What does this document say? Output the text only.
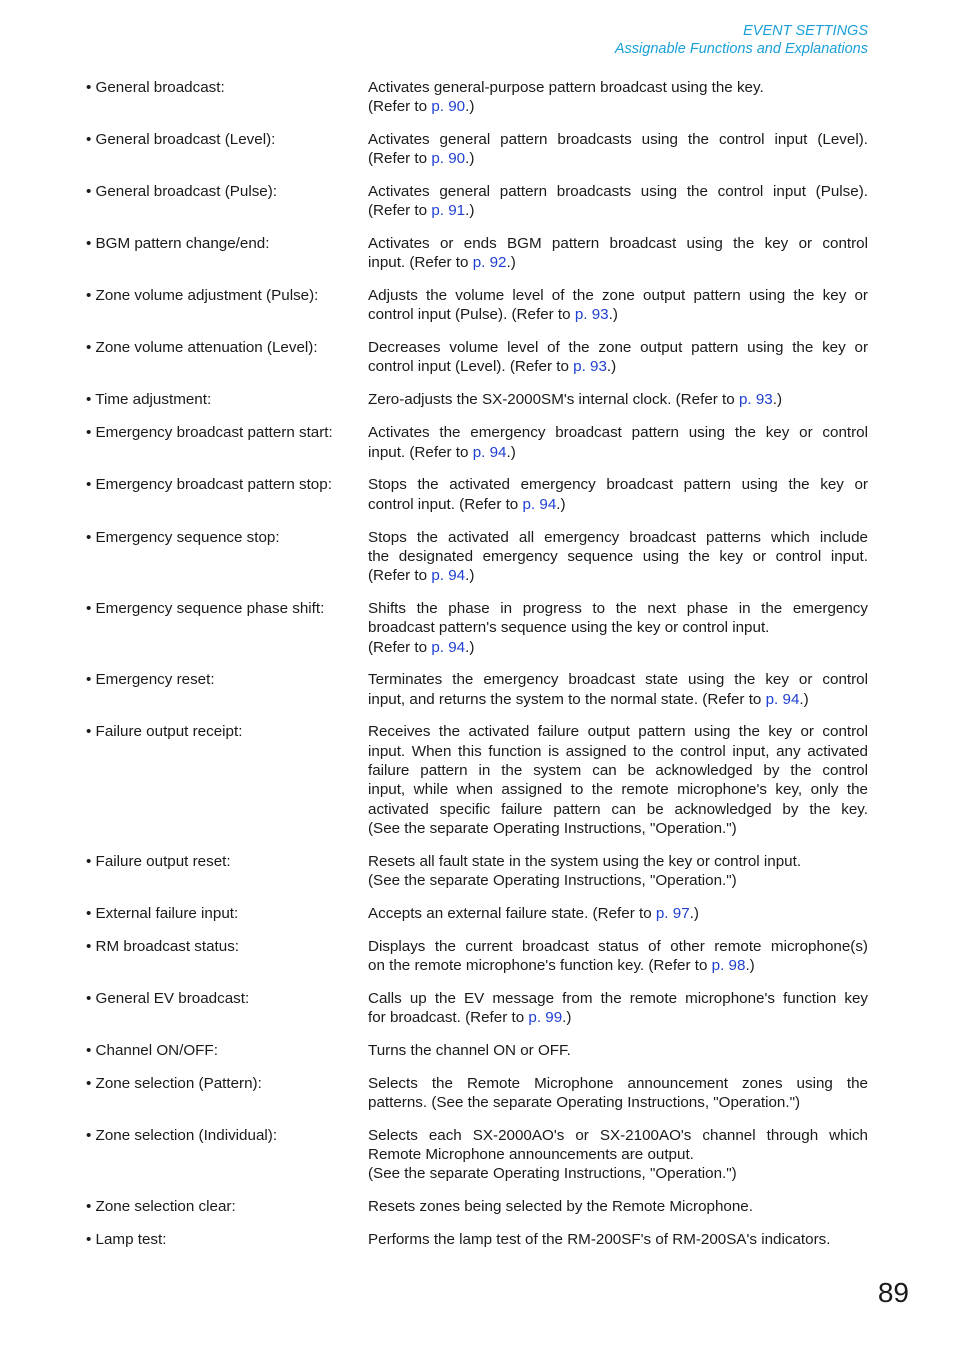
EVENT SETTINGS
Assignable Functions and Explanations
• General broadcast:	Activates general-purpose pattern broadcast using the key.
(Refer to p. 90.)
• General broadcast (Level):	Activates general pattern broadcasts using the control input (Level).
(Refer to p. 90.)
• General broadcast (Pulse):	Activates general pattern broadcasts using the control input (Pulse).
(Refer to p. 91.)
• BGM pattern change/end:	Activates or ends BGM pattern broadcast using the key or control
input. (Refer to p. 92.)
• Zone volume adjustment (Pulse):	Adjusts the volume level of the zone output pattern using the key or
control input (Pulse). (Refer to p. 93.)
• Zone volume attenuation (Level):	Decreases volume level of the zone output pattern using the key or
control input (Level). (Refer to p. 93.)
• Time adjustment:	Zero-adjusts the SX-2000SM's internal clock. (Refer to p. 93.)
• Emergency broadcast pattern start:	Activates the emergency broadcast pattern using the key or control
input. (Refer to p. 94.)
• Emergency broadcast pattern stop:	Stops the activated emergency broadcast pattern using the key or
control input. (Refer to p. 94.)
• Emergency sequence stop:	Stops the activated all emergency broadcast patterns which include
the designated emergency sequence using the key or control input.
(Refer to p. 94.)
• Emergency sequence phase shift:	Shifts the phase in progress to the next phase in the emergency
broadcast pattern's sequence using the key or control input.
(Refer to p. 94.)
• Emergency reset:	Terminates the emergency broadcast state using the key or control
input, and returns the system to the normal state. (Refer to p. 94.)
• Failure output receipt:	Receives the activated failure output pattern using the key or control
input. When this function is assigned to the control input, any activated
failure pattern in the system can be acknowledged by the control
input, while when assigned to the remote microphone's key, only the
activated specific failure pattern can be acknowledged by the key.
(See the separate Operating Instructions, "Operation.")
• Failure output reset:	Resets all fault state in the system using the key or control input.
(See the separate Operating Instructions, "Operation.")
• External failure input:	Accepts an external failure state. (Refer to p. 97.)
• RM broadcast status:	Displays the current broadcast status of other remote microphone(s)
on the remote microphone's function key. (Refer to p. 98.)
• General EV broadcast:	Calls up the EV message from the remote microphone's function key
for broadcast. (Refer to p. 99.)
• Channel ON/OFF:	Turns the channel ON or OFF.
• Zone selection (Pattern):	Selects the Remote Microphone announcement zones using the
patterns. (See the separate Operating Instructions, "Operation.")
• Zone selection (Individual):	Selects each SX-2000AO's or SX-2100AO's channel through which
Remote Microphone announcements are output.
(See the separate Operating Instructions, "Operation.")
• Zone selection clear:	Resets zones being selected by the Remote Microphone.
• Lamp test:	Performs the lamp test of the RM-200SF's of RM-200SA's indicators.
89
